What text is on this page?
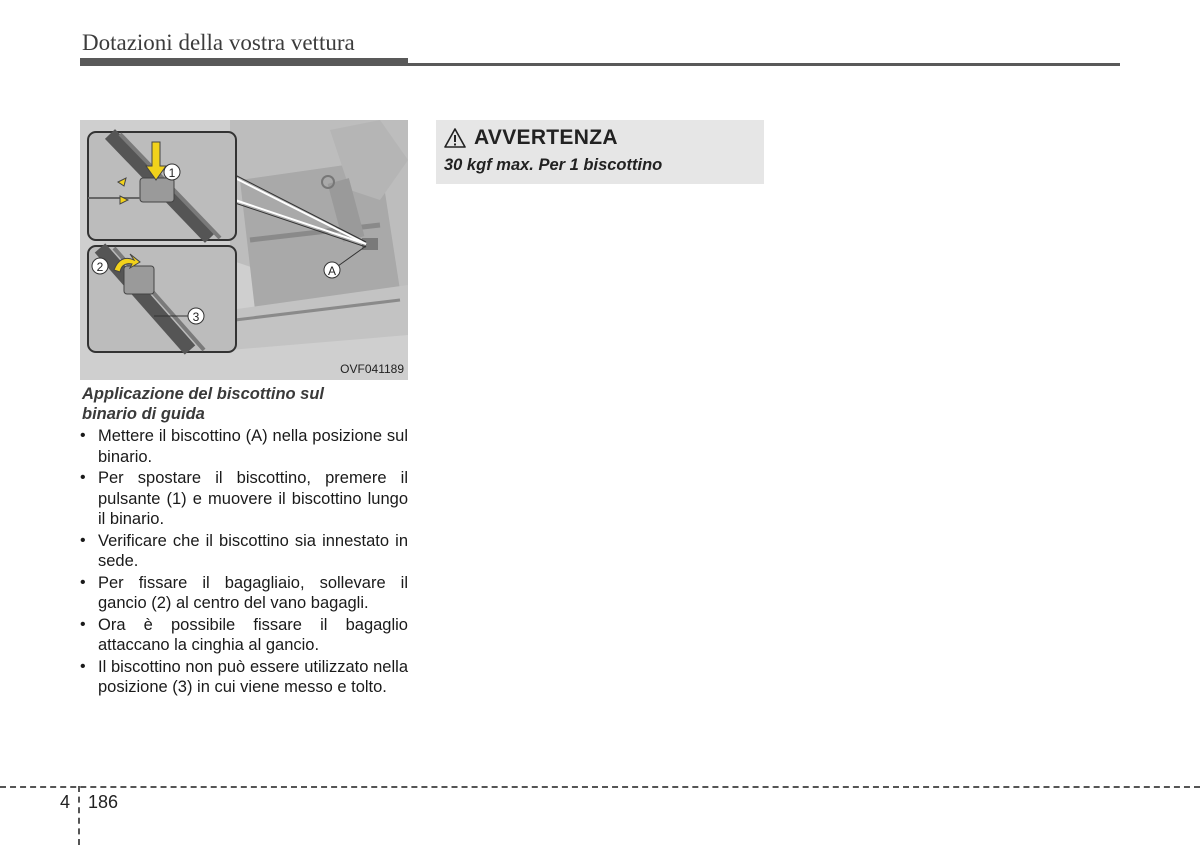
Dotazioni della vostra vettura
A
1
2
3
OVF041189
Applicazione del biscottino sul binario di guida
• Mettere il biscottino (A) nella posizione sul binario.
• Per spostare il biscottino, premere il pulsante (1) e muovere il biscottino lungo il binario.
• Verificare che il biscottino sia innestato in sede.
• Per fissare il bagagliaio, sollevare il gancio (2) al centro del vano bagagli.
• Ora è possibile fissare il bagaglio attaccano la cinghia al gancio.
• Il biscottino non può essere utilizzato nella posizione (3) in cui viene messo e tolto.
AVVERTENZA
30 kgf max. Per 1 biscottino
4 186
